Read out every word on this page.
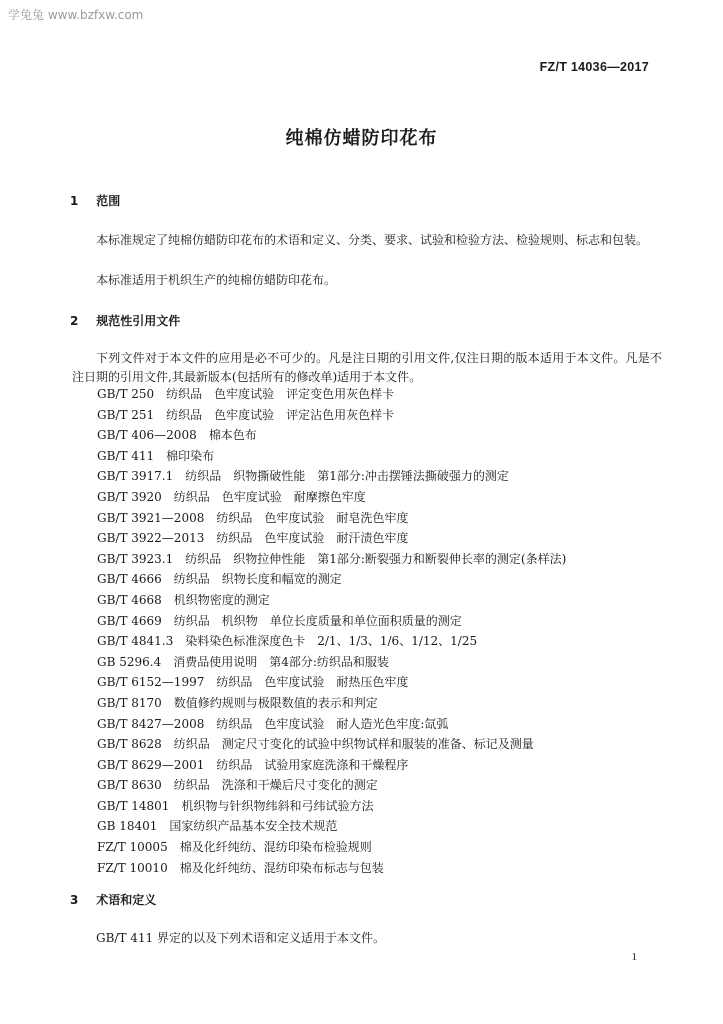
学兔兔 www.bzfxw.com
FZ/T 14036—2017
纯棉仿蜡防印花布
1 范围
本标准规定了纯棉仿蜡防印花布的术语和定义、分类、要求、试验和检验方法、检验规则、标志和包装。
本标准适用于机织生产的纯棉仿蜡防印花布。
2 规范性引用文件
下列文件对于本文件的应用是必不可少的。凡是注日期的引用文件,仅注日期的版本适用于本文件。凡是不注日期的引用文件,其最新版本(包括所有的修改单)适用于本文件。
GB/T 250　纺织品　色牢度试验　评定变色用灰色样卡
GB/T 251　纺织品　色牢度试验　评定沾色用灰色样卡
GB/T 406—2008　棉本色布
GB/T 411　棉印染布
GB/T 3917.1　纺织品　织物撕破性能　第1部分:冲击摆锤法撕破强力的测定
GB/T 3920　纺织品　色牢度试验　耐摩擦色牢度
GB/T 3921—2008　纺织品　色牢度试验　耐皂洗色牢度
GB/T 3922—2013　纺织品　色牢度试验　耐汗渍色牢度
GB/T 3923.1　纺织品　织物拉伸性能　第1部分:断裂强力和断裂伸长率的测定(条样法)
GB/T 4666　纺织品　织物长度和幅宽的测定
GB/T 4668　机织物密度的测定
GB/T 4669　纺织品　机织物　单位长度质量和单位面积质量的测定
GB/T 4841.3　染料染色标准深度色卡　2/1、1/3、1/6、1/12、1/25
GB 5296.4　消费品使用说明　第4部分:纺织品和服装
GB/T 6152—1997　纺织品　色牢度试验　耐热压色牢度
GB/T 8170　数值修约规则与极限数值的表示和判定
GB/T 8427—2008　纺织品　色牢度试验　耐人造光色牢度:氙弧
GB/T 8628　纺织品　测定尺寸变化的试验中织物试样和服装的准备、标记及测量
GB/T 8629—2001　纺织品　试验用家庭洗涤和干燥程序
GB/T 8630　纺织品　洗涤和干燥后尺寸变化的测定
GB/T 14801　机织物与针织物纬斜和弓纬试验方法
GB 18401　国家纺织产品基本安全技术规范
FZ/T 10005　棉及化纤纯纺、混纺印染布检验规则
FZ/T 10010　棉及化纤纯纺、混纺印染布标志与包装
3 术语和定义
GB/T 411 界定的以及下列术语和定义适用于本文件。
1
